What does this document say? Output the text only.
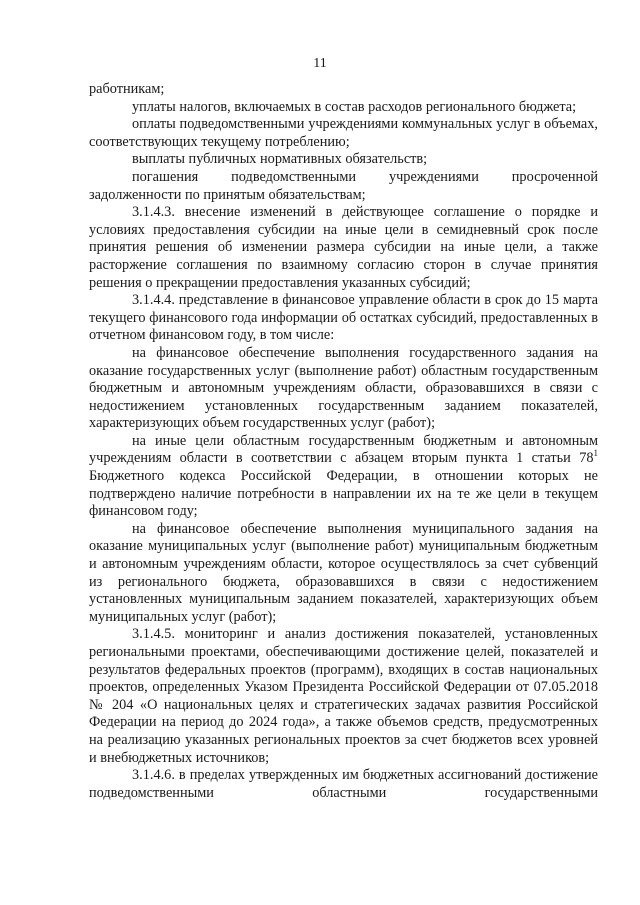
11

работникам;

уплаты налогов, включаемых в состав расходов регионального бюджета;

оплаты подведомственными учреждениями коммунальных услуг в объемах, соответствующих текущему потреблению;

выплаты публичных нормативных обязательств;

погашения подведомственными учреждениями просроченной задолженности по принятым обязательствам;

3.1.4.3. внесение изменений в действующее соглашение о порядке и условиях предоставления субсидии на иные цели в семидневный срок после принятия решения об изменении размера субсидии на иные цели, а также расторжение соглашения по взаимному согласию сторон в случае принятия решения о прекращении предоставления указанных субсидий;

3.1.4.4. представление в финансовое управление области в срок до 15 марта текущего финансового года информации об остатках субсидий, предоставленных в отчетном финансовом году, в том числе:

на финансовое обеспечение выполнения государственного задания на оказание государственных услуг (выполнение работ) областным государственным бюджетным и автономным учреждениям области, образовавшихся в связи с недостижением установленных государственным заданием показателей, характеризующих объем государственных услуг (работ);

на иные цели областным государственным бюджетным и автономным учреждениям области в соответствии с абзацем вторым пункта 1 статьи $78^1$ Бюджетного кодекса Российской Федерации, в отношении которых не подтверждено наличие потребности в направлении их на те же цели в текущем финансовом году;

на финансовое обеспечение выполнения муниципального задания на оказание муниципальных услуг (выполнение работ) муниципальным бюджетным и автономным учреждениям области, которое осуществлялось за счет субвенций из регионального бюджета, образовавшихся в связи с недостижением установленных муниципальным заданием показателей, характеризующих объем муниципальных услуг (работ);

3.1.4.5. мониторинг и анализ достижения показателей, установленных региональными проектами, обеспечивающими достижение целей, показателей и результатов федеральных проектов (программ), входящих в состав национальных проектов, определенных Указом Президента Российской Федерации от 07.05.2018 № 204 «О национальных целях и стратегических задачах развития Российской Федерации на период до 2024 года», а также объемов средств, предусмотренных на реализацию указанных региональных проектов за счет бюджетов всех уровней и внебюджетных источников;

3.1.4.6. в пределах утвержденных им бюджетных ассигнований достижение подведомственными областными государственными
